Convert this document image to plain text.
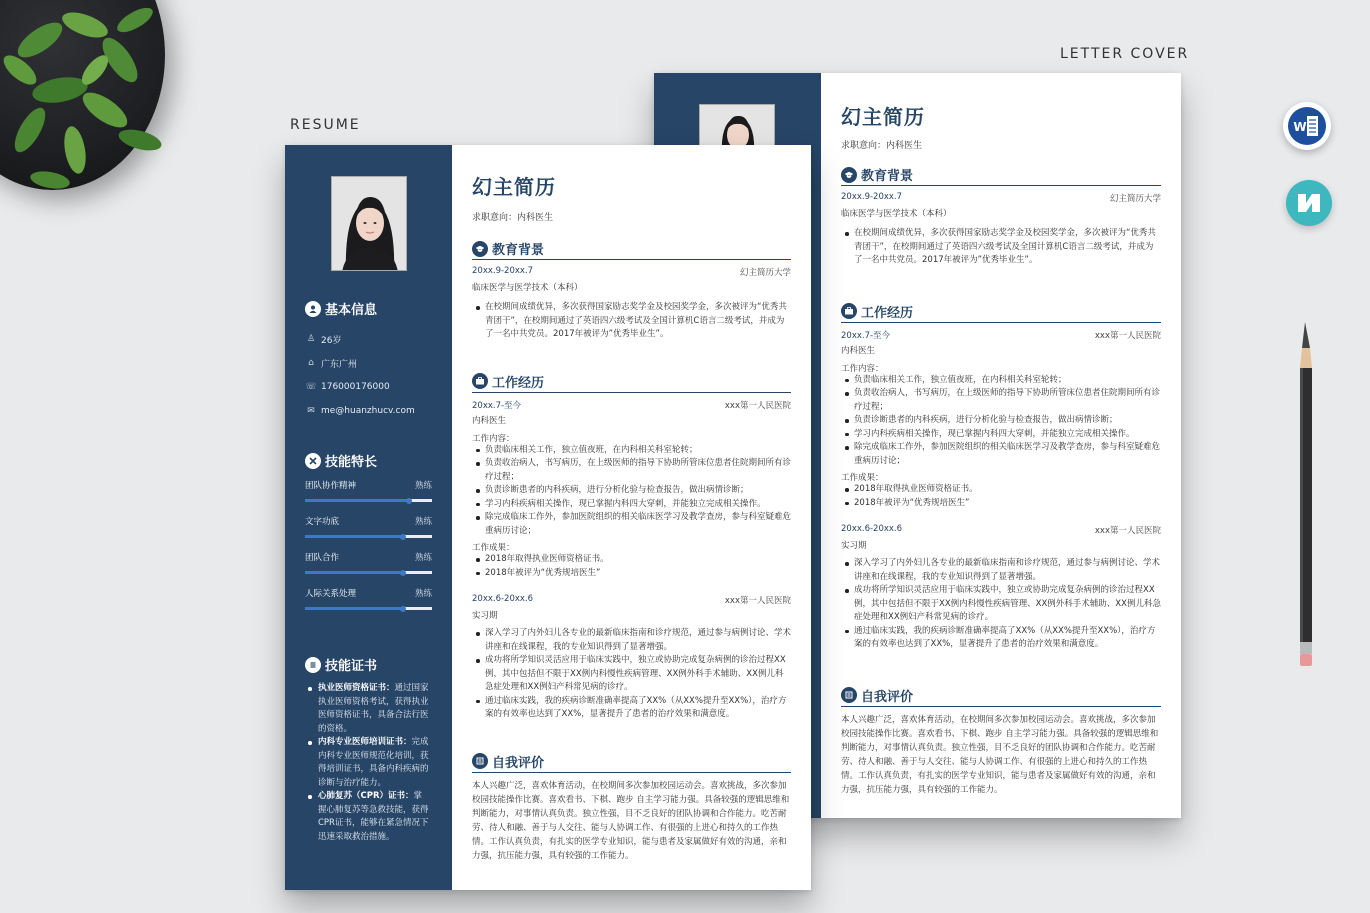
RESUME
LETTER COVER
W
幻主简历
求职意向：内科医生
教育背景
20xx.9-20xx.7	幻主简历大学
临床医学与医学技术（本科）
在校期间成绩优异，多次获得国家励志奖学金及校园奖学金，多次被评为“优秀共青团干”，在校期间通过了英语四六级考试及全国计算机C语言二级考试，并成为了一名中共党员。2017年被评为”优秀毕业生”。
工作经历
20xx.7-至今	xxx第一人民医院
内科医生
工作内容：
负责临床相关工作，独立值夜班，在内科相关科室轮转；
负责收治病人，书写病历，在上级医师的指导下协助所管床位患者住院期间所有诊疗过程；
负责诊断患者的内科疾病，进行分析化验与检查报告，做出病情诊断；
学习内科疾病相关操作，现已掌握内科四大穿刺，并能独立完成相关操作。
除完成临床工作外，参加医院组织的相关临床医学习及教学查房，参与科室疑难危重病历讨论；
工作成果：
2018年取得执业医师资格证书。
2018年被评为“优秀规培医生”
20xx.6-20xx.6	xxx第一人民医院
实习期
深入学习了内外妇儿各专业的最新临床指南和诊疗规范，通过参与病例讨论、学术讲座和在线课程，我的专业知识得到了显著增强。
成功将所学知识灵活应用于临床实践中，独立或协助完成复杂病例的诊治过程XX例，其中包括但不限于XX例内科慢性疾病管理、XX例外科手术辅助、XX例儿科急症处理和XX例妇产科常见病的诊疗。
通过临床实践，我的疾病诊断准确率提高了XX%（从XX%提升至XX%），治疗方案的有效率也达到了XX%，显著提升了患者的治疗效果和满意度。
自我评价
本人兴趣广泛，喜欢体育活动，在校期间多次参加校园运动会。喜欢挑战，多次参加校园技能操作比赛。喜欢看书、下棋、跑步 自主学习能力强。具备较强的逻辑思维和判断能力，对事情认真负责。独立性强，目不乏良好的团队协调和合作能力。吃苦耐劳、待人和融、善于与人交往、能与人协调工作、有很强的上进心和持久的工作热情。工作认真负责，有扎实的医学专业知识，能与患者及家属做好有效的沟通，亲和力强，抗压能力强，具有较强的工作能力。
基本信息
♙ 26岁
⌂ 广东广州
☏ 176000176000
✉ me@huanzhucv.com
技能特长
团队协作精神	熟练
文字功底	熟练
团队合作	熟练
人际关系处理	熟练
技能证书
执业医师资格证书：通过国家执业医师资格考试，获得执业医师资格证书，具备合法行医的资格。
内科专业医师培训证书：完成内科专业医师规范化培训，获得培训证书，具备内科疾病的诊断与治疗能力。
心肺复苏（CPR）证书：掌握心肺复苏等急救技能，获得CPR证书，能够在紧急情况下迅速采取救治措施。
幻主简历
求职意向：内科医生
教育背景
20xx.9-20xx.7	幻主简历大学
临床医学与医学技术（本科）
在校期间成绩优异，多次获得国家励志奖学金及校园奖学金，多次被评为“优秀共青团干”，在校期间通过了英语四六级考试及全国计算机C语言二级考试，并成为了一名中共党员。2017年被评为”优秀毕业生”。
工作经历
20xx.7-至今	xxx第一人民医院
内科医生
工作内容：
负责临床相关工作，独立值夜班，在内科相关科室轮转；
负责收治病人，书写病历，在上级医师的指导下协助所管床位患者住院期间所有诊疗过程；
负责诊断患者的内科疾病，进行分析化验与检查报告，做出病情诊断；
学习内科疾病相关操作，现已掌握内科四大穿刺，并能独立完成相关操作。
除完成临床工作外，参加医院组织的相关临床医学习及教学查房，参与科室疑难危重病历讨论；
工作成果：
2018年取得执业医师资格证书。
2018年被评为“优秀规培医生”
20xx.6-20xx.6	xxx第一人民医院
实习期
深入学习了内外妇儿各专业的最新临床指南和诊疗规范，通过参与病例讨论、学术讲座和在线课程，我的专业知识得到了显著增强。
成功将所学知识灵活应用于临床实践中，独立或协助完成复杂病例的诊治过程XX例，其中包括但不限于XX例内科慢性疾病管理、XX例外科手术辅助、XX例儿科急症处理和XX例妇产科常见病的诊疗。
通过临床实践，我的疾病诊断准确率提高了XX%（从XX%提升至XX%），治疗方案的有效率也达到了XX%，显著提升了患者的治疗效果和满意度。
自我评价
本人兴趣广泛，喜欢体育活动，在校期间多次参加校园运动会。喜欢挑战，多次参加校园技能操作比赛。喜欢看书、下棋、跑步 自主学习能力强。具备较强的逻辑思维和判断能力，对事情认真负责。独立性强，目不乏良好的团队协调和合作能力。吃苦耐劳、待人和融、善于与人交往、能与人协调工作、有很强的上进心和持久的工作热情。工作认真负责，有扎实的医学专业知识，能与患者及家属做好有效的沟通，亲和力强，抗压能力强，具有较强的工作能力。
